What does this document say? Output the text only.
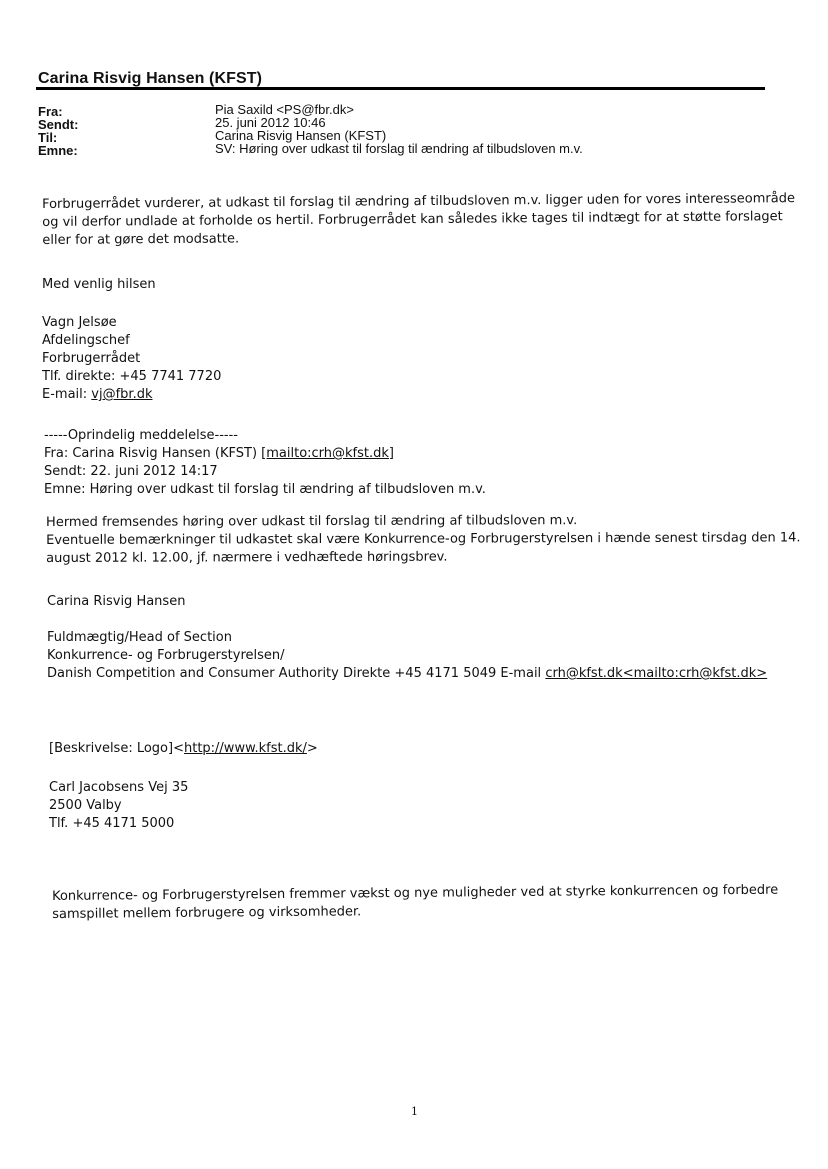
Carina Risvig Hansen (KFST)
Fra:	Pia Saxild <PS@fbr.dk>
Sendt:	25. juni 2012 10:46
Til:	Carina Risvig Hansen (KFST)
Emne:	SV: Høring over udkast til forslag til ændring af tilbudsloven m.v.
Forbrugerrådet vurderer, at udkast til forslag til ændring af tilbudsloven m.v. ligger uden for vores interesseområde
og vil derfor undlade at forholde os hertil. Forbrugerrådet kan således ikke tages til indtægt for at støtte forslaget
eller for at gøre det modsatte.
Med venlig hilsen
Vagn Jelsøe
Afdelingschef
Forbrugerrådet
Tlf. direkte: +45 7741 7720
E-mail: vj@fbr.dk
-----Oprindelig meddelelse-----
Fra: Carina Risvig Hansen (KFST) [mailto:crh@kfst.dk]
Sendt: 22. juni 2012 14:17
Emne: Høring over udkast til forslag til ændring af tilbudsloven m.v.
Hermed fremsendes høring over udkast til forslag til ændring af tilbudsloven m.v.
Eventuelle bemærkninger til udkastet skal være Konkurrence-og Forbrugerstyrelsen i hænde senest tirsdag den 14.
august 2012 kl. 12.00, jf. nærmere i vedhæftede høringsbrev.
Carina Risvig Hansen
Fuldmægtig/Head of Section
Konkurrence- og Forbrugerstyrelsen/
Danish Competition and Consumer Authority Direkte +45 4171 5049 E-mail crh@kfst.dk<mailto:crh@kfst.dk>
[Beskrivelse: Logo]<http://www.kfst.dk/>
Carl Jacobsens Vej 35
2500 Valby
Tlf. +45 4171 5000
Konkurrence- og Forbrugerstyrelsen fremmer vækst og nye muligheder ved at styrke konkurrencen og forbedre
samspillet mellem forbrugere og virksomheder.
1
